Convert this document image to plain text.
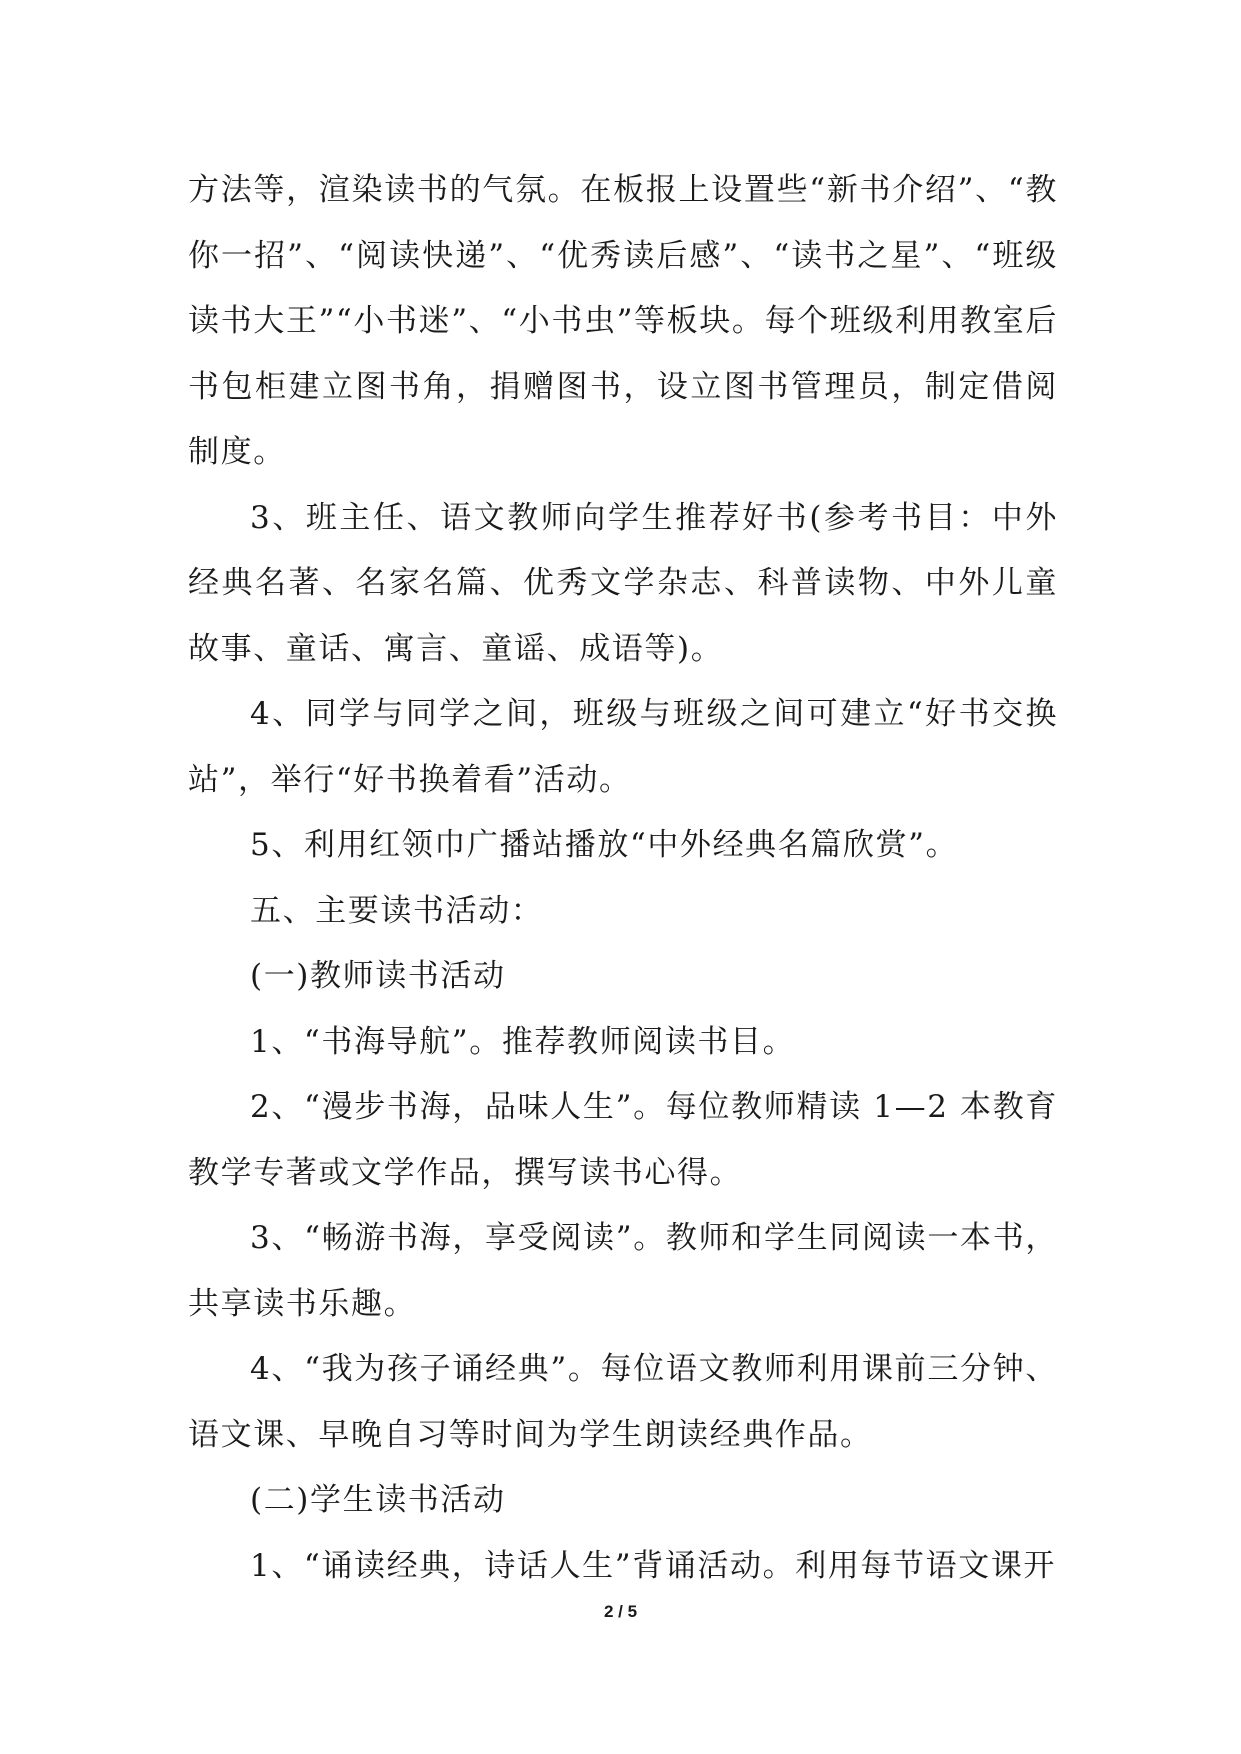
方法等，渲染读书的气氛。在板报上设置些“新书介绍”、“教你一招”、“阅读快递”、“优秀读后感”、“读书之星”、“班级读书大王”“小书迷”、“小书虫”等板块。每个班级利用教室后书包柜建立图书角，捐赠图书，设立图书管理员，制定借阅制度。

3、班主任、语文教师向学生推荐好书(参考书目：中外经典名著、名家名篇、优秀文学杂志、科普读物、中外儿童故事、童话、寓言、童谣、成语等)。

4、同学与同学之间，班级与班级之间可建立“好书交换站”，举行“好书换着看”活动。

5、利用红领巾广播站播放“中外经典名篇欣赏”。

五、主要读书活动：

(一)教师读书活动

1、“书海导航”。推荐教师阅读书目。

2、“漫步书海，品味人生”。每位教师精读 1—2 本教育教学专著或文学作品，撰写读书心得。

3、“畅游书海，享受阅读”。教师和学生同阅读一本书，共享读书乐趣。

4、“我为孩子诵经典”。每位语文教师利用课前三分钟、语文课、早晚自习等时间为学生朗读经典作品。

(二)学生读书活动

1、“诵读经典，诗话人生”背诵活动。利用每节语文课开

2 / 5
